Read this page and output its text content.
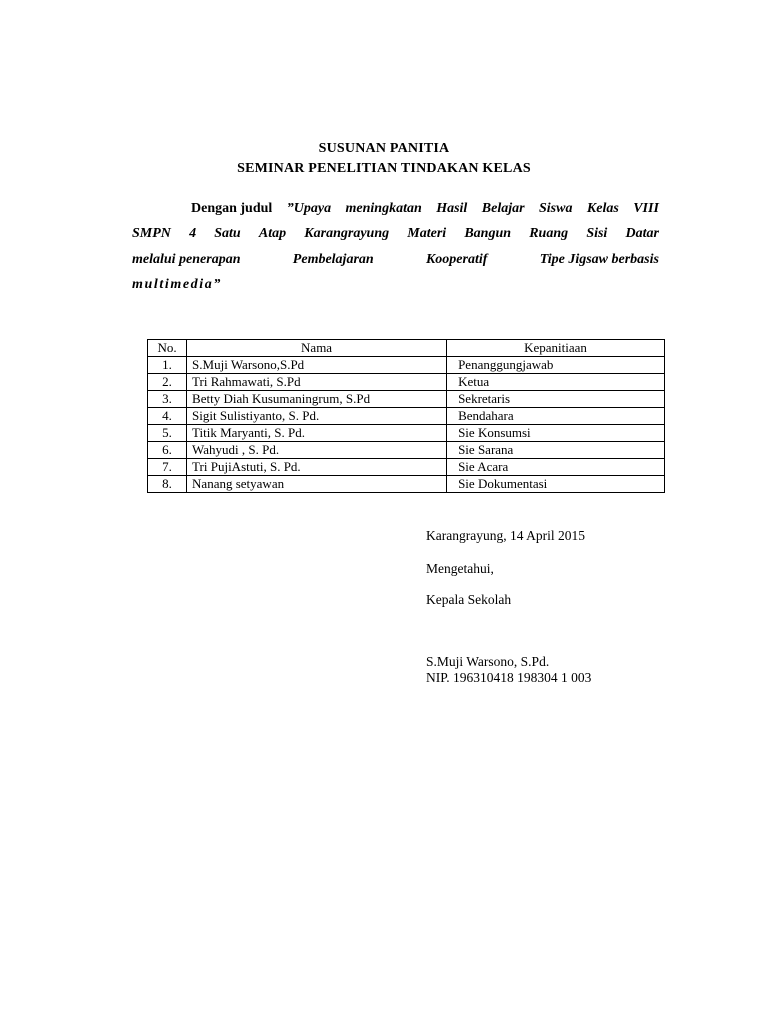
SUSUNAN PANITIA
SEMINAR PENELITIAN TINDAKAN KELAS
Dengan judul ”Upaya meningkatan Hasil Belajar Siswa Kelas VIII
SMPN 4 Satu Atap Karangrayung Materi Bangun Ruang Sisi Datar
melalui penerapan	Pembelajaran	Kooperatif	Tipe Jigsaw berbasis
multimedia”
No.	Nama	Kepanitiaan
1.	S.Muji Warsono,S.Pd	Penanggungjawab
2.	Tri Rahmawati, S.Pd	Ketua
3.	Betty Diah Kusumaningrum, S.Pd	Sekretaris
4.	Sigit Sulistiyanto, S. Pd.	Bendahara
5.	Titik Maryanti, S. Pd.	Sie Konsumsi
6.	Wahyudi , S. Pd.	Sie Sarana
7.	Tri PujiAstuti, S. Pd.	Sie Acara
8.	Nanang setyawan	Sie Dokumentasi
Karangrayung, 14 April 2015
Mengetahui,
Kepala Sekolah
S.Muji Warsono, S.Pd.
NIP. 196310418 198304 1 003
